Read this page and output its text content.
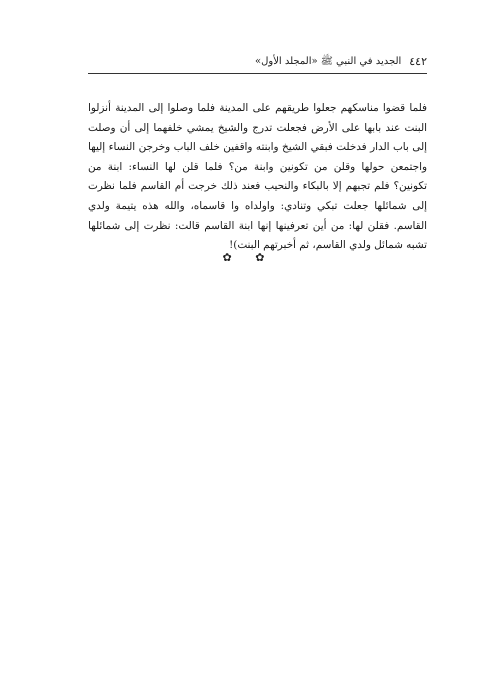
٤٤٢
الجديد في النبي ﷺ «المجلد الأول»

فلما قضوا مناسكهم جعلوا طريقهم على المدينة فلما وصلوا إلى المدينة أنزلوا البنت عند بابها على الأرض فجعلت تدرج والشيخ يمشي خلفهما إلى أن وصلت إلى باب الدار فدخلت فبقي الشيخ وابنته واقفين خلف الباب وخرجن النساء إليها واجتمعن حولها وقلن من تكونين وابنة من؟ فلما قلن لها النساء: ابنة من تكونين؟ فلم تجبهم إلا بالبكاء والنحيب فعند ذلك خرجت أم القاسم فلما نظرت إلى شمائلها جعلت تبكي وتنادي: واولداه وا قاسماه، والله هذه يتيمة ولدي القاسم. فقلن لها: من أين تعرفينها إنها ابنة القاسم قالت: نظرت إلى شمائلها تشبه شمائل ولدي القاسم، ثم أخبرتهم البنت)!

✿ ✿
